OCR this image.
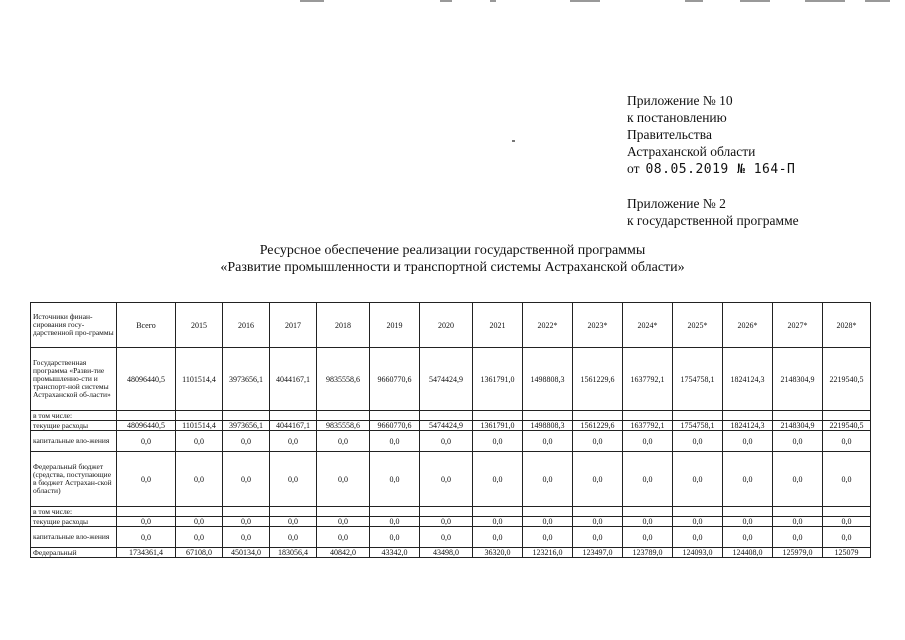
Приложение № 10
к постановлению
Правительства
Астраханской области
от 08.05.2019 № 164-П
Приложение № 2
к государственной программе
Ресурсное обеспечение реализации государственной программы
«Развитие промышленности и транспортной системы Астраханской области»
Источники финан-сирования госу-дарственной про-граммы	Всего	2015	2016	2017	2018	2019	2020	2021	2022*	2023*	2024*	2025*	2026*	2027*	2028*
Государственная программа «Разви-тие промышленно-сти и транспорт-ной системы Астраханской об-ласти»	48096440,5	1101514,4	3973656,1	4044167,1	9835558,6	9660770,6	5474424,9	1361791,0	1498808,3	1561229,6	1637792,1	1754758,1	1824124,3	2148304,9	2219540,5
в том числе:															
текущие расходы	48096440,5	1101514,4	3973656,1	4044167,1	9835558,6	9660770,6	5474424,9	1361791,0	1498808,3	1561229,6	1637792,1	1754758,1	1824124,3	2148304,9	2219540,5
капитальные вло-жения	0,0	0,0	0,0	0,0	0,0	0,0	0,0	0,0	0,0	0,0	0,0	0,0	0,0	0,0	0,0
Федеральный бюджет (средства, поступающие в бюджет Астрахан-ской области)	0,0	0,0	0,0	0,0	0,0	0,0	0,0	0,0	0,0	0,0	0,0	0,0	0,0	0,0	0,0
в том числе:															
текущие расходы	0,0	0,0	0,0	0,0	0,0	0,0	0,0	0,0	0,0	0,0	0,0	0,0	0,0	0,0	0,0
капитальные вло-жения	0,0	0,0	0,0	0,0	0,0	0,0	0,0	0,0	0,0	0,0	0,0	0,0	0,0	0,0	0,0
Федеральный	1734361,4	67108,0	450134,0	183056,4	40842,0	43342,0	43498,0	36320,0	123216,0	123497,0	123789,0	124093,0	124408,0	125979,0	125079
